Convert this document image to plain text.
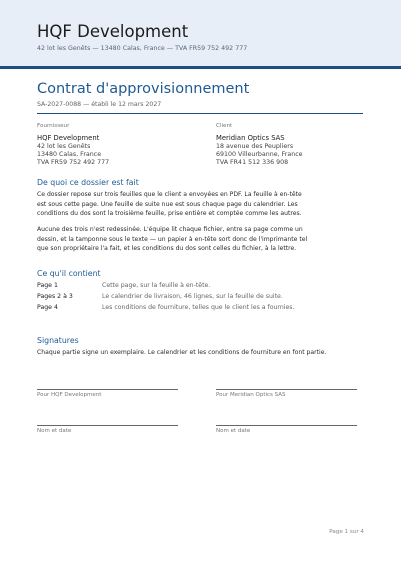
HQF Development
42 lot les Genêts — 13480 Calas, France — TVA FR59 752 492 777
Contrat d'approvisionnement
SA-2027-0088 — établi le 12 mars 2027
Fournisseur
HQF Development
42 lot les Genêts
13480 Calas, France
TVA FR59 752 492 777
Client
Meridian Optics SAS
18 avenue des Peupliers
69100 Villeurbanne, France
TVA FR41 512 336 908
De quoi ce dossier est fait
Ce dossier repose sur trois feuilles que le client a envoyées en PDF. La feuille à en-tête
est sous cette page. Une feuille de suite nue est sous chaque page du calendrier. Les
conditions du dos sont la troisième feuille, prise entière et comptée comme les autres.
Aucune des trois n'est redessinée. L'équipe lit chaque fichier, entre sa page comme un
dessin, et la tamponne sous le texte — un papier à en-tête sort donc de l'imprimante tel
que son propriétaire l'a fait, et les conditions du dos sont celles du fichier, à la lettre.
Ce qu'il contient
Page 1	Cette page, sur la feuille à en-tête.
Pages 2 à 3	Le calendrier de livraison, 46 lignes, sur la feuille de suite.
Page 4	Les conditions de fourniture, telles que le client les a fournies.
Signatures
Chaque partie signe un exemplaire. Le calendrier et les conditions de fourniture en font partie.
Pour HQF Development	Pour Meridian Optics SAS
Nom et date	Nom et date
Page 1 sur 4
